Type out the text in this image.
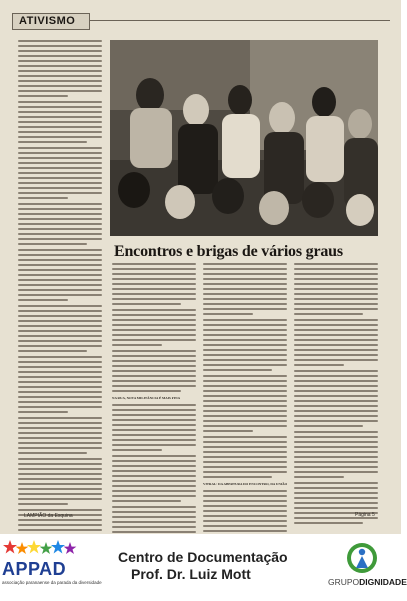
ATIVISMO
Encontros e brigas de vários graus
NA RUA, NOVA MILITÂNCIA É MAIS FINA
VITRAL: DA ABERTURA DO ENCONTRO, DA UNIÃO
LAMPIÃO da Esquina	Página 5
APPAD
associação paranaense da parada da diversidade
Centro de Documentação
Prof. Dr. Luiz Mott	GRUPODIGNIDADE
